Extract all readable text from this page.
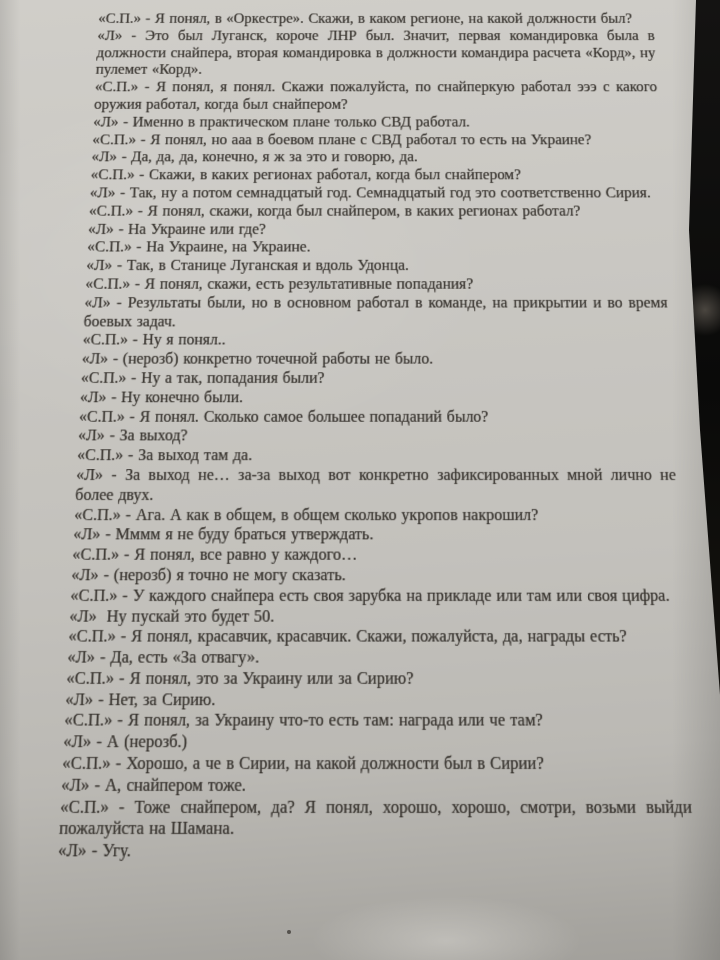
«С.П.» - Я понял, в «Оркестре». Скажи, в каком регионе, на какой должности был?

«Л» - Это был Луганск, короче ЛНР был. Значит, первая командировка была в должности снайпера, вторая командировка в должности командира расчета «Корд», ну пулемет «Корд».

«С.П.» - Я понял, я понял. Скажи пожалуйста, по снайперкую работал эээ с какого оружия работал, когда был снайпером?

«Л» - Именно в практическом плане только СВД работал.

«С.П.» - Я понял, но ааа в боевом плане с СВД работал то есть на Украине?

«Л» - Да, да, да, конечно, я ж за это и говорю, да.

«С.П.» - Скажи, в каких регионах работал, когда был снайпером?

«Л» - Так, ну а потом семнадцатый год. Семнадцатый год это соответственно Сирия.

«С.П.» - Я понял, скажи, когда был снайпером, в каких регионах работал?

«Л» - На Украине или где?

«С.П.» - На Украине, на Украине.

«Л» - Так, в Станице Луганская и вдоль Удонца.

«С.П.» - Я понял, скажи, есть результативные попадания?

«Л» - Результаты были, но в основном работал в команде, на прикрытии и во время боевых задач.

«С.П.» - Ну я понял..

«Л» - (нерозб) конкретно точечной работы не было.

«С.П.» - Ну а так, попадания были?

«Л» - Ну конечно были.

«С.П.» - Я понял. Сколько самое большее попаданий было?

«Л» - За выход?

«С.П.» - За выход там да.

«Л» - За выход не… за-за выход вот конкретно зафиксированных мной лично не более двух.

«С.П.» - Ага. А как в общем, в общем сколько укропов накрошил?

«Л» - Мммм я не буду браться утверждать.

«С.П.» - Я понял, все равно у каждого…

«Л» - (нерозб) я точно не могу сказать.

«С.П.» - У каждого снайпера есть своя зарубка на прикладе или там или своя цифра.

«Л» Ну пускай это будет 50.

«С.П.» - Я понял, красавчик, красавчик. Скажи, пожалуйста, да, награды есть?

«Л» - Да, есть «За отвагу».

«С.П.» - Я понял, это за Украину или за Сирию?

«Л» - Нет, за Сирию.

«С.П.» - Я понял, за Украину что-то есть там: награда или че там?

«Л» - А (нерозб.)

«С.П.» - Хорошо, а че в Сирии, на какой должности был в Сирии?

«Л» - А, снайпером тоже.

«С.П.» - Тоже снайпером, да? Я понял, хорошо, хорошо, смотри, возьми выйди пожалуйста на Шамана.

«Л» - Угу.
